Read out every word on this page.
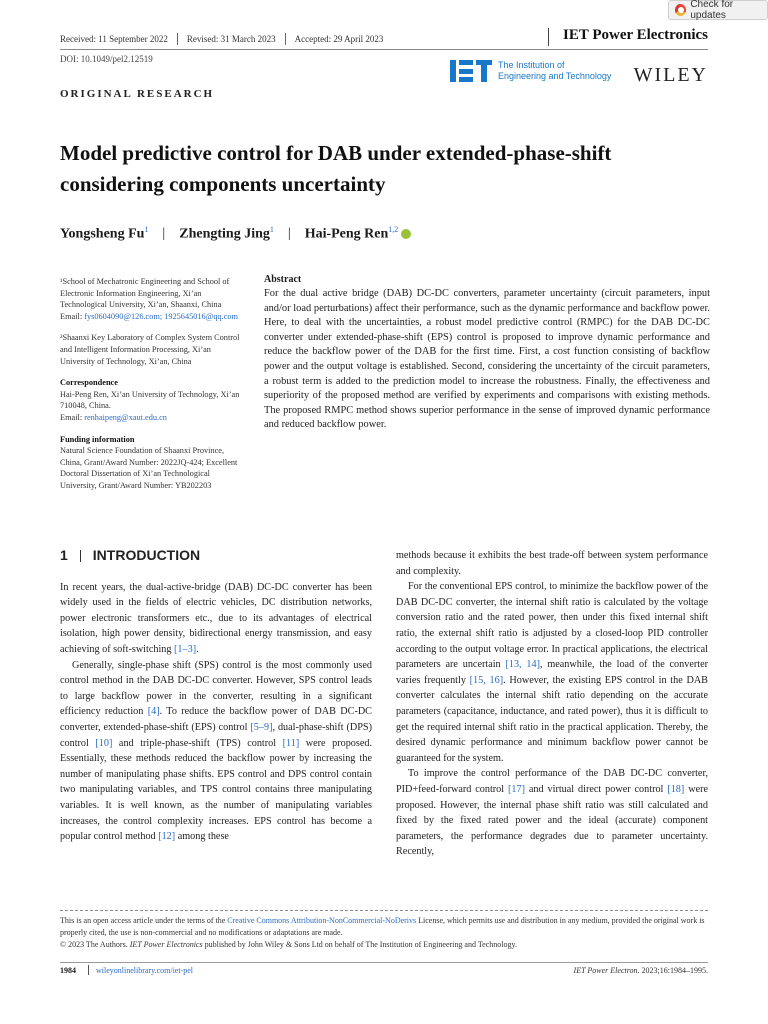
Check for updates
Received: 11 September 2022 Revised: 31 March 2023 Accepted: 29 April 2023	IET Power Electronics
DOI: 10.1049/pel2.12519
The Institution of
Engineering and Technology WILEY
ORIGINAL RESEARCH
Model predictive control for DAB under extended-phase-shift
considering components uncertainty
Yongsheng Fu$^1$ | Zhengting Jing$^1$ | Hai-Peng Ren$^{1,2}$
¹School of Mechatronic Engineering and School of Electronic Information Engineering, Xi’an Technological University, Xi’an, Shaanxi, China
Email: fys0604090@126.com; 1925645016@qq.com
²Shaanxi Key Laboratory of Complex System Control and Intelligent Information Processing, Xi’an University of Technology, Xi’an, China
Correspondence
Hai-Peng Ren, Xi’an University of Technology, Xi’an 710048, China.
Email: renhaipeng@xaut.edu.cn
Funding information
Natural Science Foundation of Shaanxi Province, China, Grant/Award Number: 2022JQ-424; Excellent Doctoral Dissertation of Xi’an Technological University, Grant/Award Number: YB202203
Abstract
For the dual active bridge (DAB) DC-DC converters, parameter uncertainty (circuit parameters, input and/or load perturbations) affect their performance, such as the dynamic performance and backflow power. Here, to deal with the uncertainties, a robust model predictive control (RMPC) for the DAB DC-DC converter under extended-phase-shift (EPS) control is proposed to improve dynamic performance and reduce the backflow power of the DAB for the first time. First, a cost function consisting of backflow power and the output voltage is established. Second, considering the uncertainty of the circuit parameters, a robust term is added to the prediction model to increase the robustness. Finally, the effectiveness and superiority of the proposed method are verified by experiments and comparisons with existing methods. The proposed RMPC method shows superior performance in the sense of improved dynamic performance and reduced backflow power.
1 INTRODUCTION

In recent years, the dual-active-bridge (DAB) DC-DC converter has been widely used in the fields of electric vehicles, DC distribution networks, power electronic transformers etc., due to its advantages of electrical isolation, high power density, bidirectional energy transmission, and easy achieving of soft-switching [1–3].

Generally, single-phase shift (SPS) control is the most commonly used control method in the DAB DC-DC converter. However, SPS control leads to large backflow power in the converter, resulting in a significant efficiency reduction [4]. To reduce the backflow power of DAB DC-DC converter, extended-phase-shift (EPS) control [5–9], dual-phase-shift (DPS) control [10] and triple-phase-shift (TPS) control [11] were proposed. Essentially, these methods reduced the backflow power by increasing the number of manipulating phase shifts. EPS control and DPS control contain two manipulating variables, and TPS control contains three manipulating variables. It is well known, as the number of manipulating variables increases, the control complexity increases. EPS control has become a popular control method [12] among these

methods because it exhibits the best trade-off between system performance and complexity.

For the conventional EPS control, to minimize the backflow power of the DAB DC-DC converter, the internal shift ratio is calculated by the voltage conversion ratio and the rated power, then under this fixed internal shift ratio, the external shift ratio is adjusted by a closed-loop PID controller according to the output voltage error. In practical applications, the electrical parameters are uncertain [13, 14], meanwhile, the load of the converter varies frequently [15, 16]. However, the existing EPS control in the DAB converter calculates the internal shift ratio depending on the accurate parameters (capacitance, inductance, and rated power), thus it is difficult to get the required internal shift ratio in the practical application. Thereby, the desired dynamic performance and minimum backflow power cannot be guaranteed for the system.

To improve the control performance of the DAB DC-DC converter, PID+feed-forward control [17] and virtual direct power control [18] were proposed. However, the internal phase shift ratio was still calculated and fixed by the fixed rated power and the ideal (accurate) component parameters, the performance degrades due to parameter uncertainty. Recently,

This is an open access article under the terms of the Creative Commons Attribution-NonCommercial-NoDerivs License, which permits use and distribution in any medium, provided the original work is properly cited, the use is non-commercial and no modifications or adaptations are made.
© 2023 The Authors. IET Power Electronics published by John Wiley & Sons Ltd on behalf of The Institution of Engineering and Technology.
1984	wileyonlinelibrary.com/iet-pel	IET Power Electron. 2023;16:1984–1995.
